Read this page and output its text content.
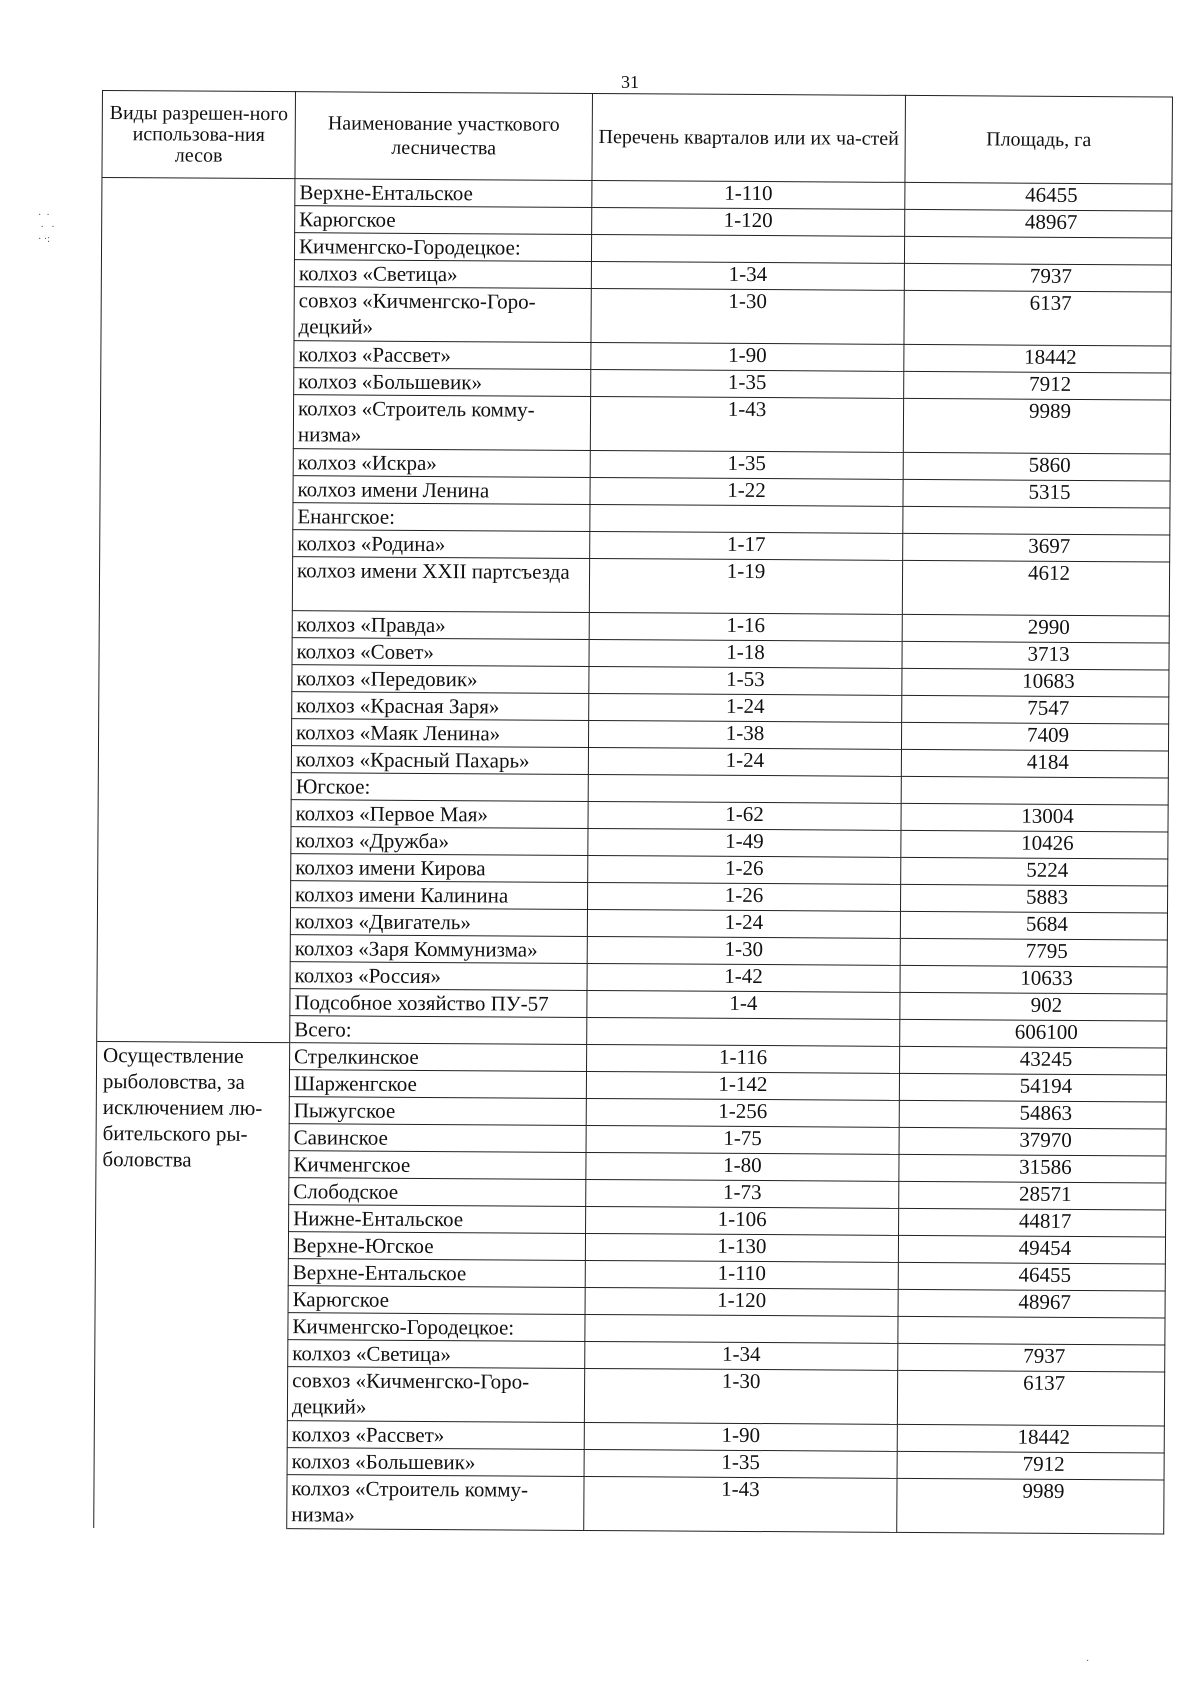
31
·  ·
·   ·
· ·:
Виды разрешен-ного использова-ния лесов	Наименование участкового лесничества	Перечень кварталов или их ча-стей	Площадь, га
	Верхне-Ентальское	1-110	46455
	Карюгское	1-120	48967
	Кичменгско-Городецкое:		
	колхоз «Светица»	1-34	7937
	совхоз «Кичменгско-Горо-децкий»	1-30	6137
	колхоз «Рассвет»	1-90	18442
	колхоз «Большевик»	1-35	7912
	колхоз «Строитель комму-низма»	1-43	9989
	колхоз «Искра»	1-35	5860
	колхоз имени Ленина	1-22	5315
	Енангское:		
	колхоз «Родина»	1-17	3697
	колхоз имени XXII партсъезда	1-19	4612
	колхоз «Правда»	1-16	2990
	колхоз «Совет»	1-18	3713
	колхоз «Передовик»	1-53	10683
	колхоз «Красная Заря»	1-24	7547
	колхоз «Маяк Ленина»	1-38	7409
	колхоз «Красный Пахарь»	1-24	4184
	Югское:		
	колхоз «Первое Мая»	1-62	13004
	колхоз «Дружба»	1-49	10426
	колхоз имени Кирова	1-26	5224
	колхоз имени Калинина	1-26	5883
	колхоз «Двигатель»	1-24	5684
	колхоз «Заря Коммунизма»	1-30	7795
	колхоз «Россия»	1-42	10633
	Подсобное хозяйство ПУ-57	1-4	902
	Всего:		606100
Осуществление рыболовства, за исключением лю-бительского ры-боловства	Стрелкинское	1-116	43245
	Шарженгское	1-142	54194
	Пыжугское	1-256	54863
	Савинское	1-75	37970
	Кичменгское	1-80	31586
	Слободское	1-73	28571
	Нижне-Ентальское	1-106	44817
	Верхне-Югское	1-130	49454
	Верхне-Ентальское	1-110	46455
	Карюгское	1-120	48967
	Кичменгско-Городецкое:		
	колхоз «Светица»	1-34	7937
	совхоз «Кичменгско-Горо-децкий»	1-30	6137
	колхоз «Рассвет»	1-90	18442
	колхоз «Большевик»	1-35	7912
	колхоз «Строитель комму-низма»	1-43	9989
·
